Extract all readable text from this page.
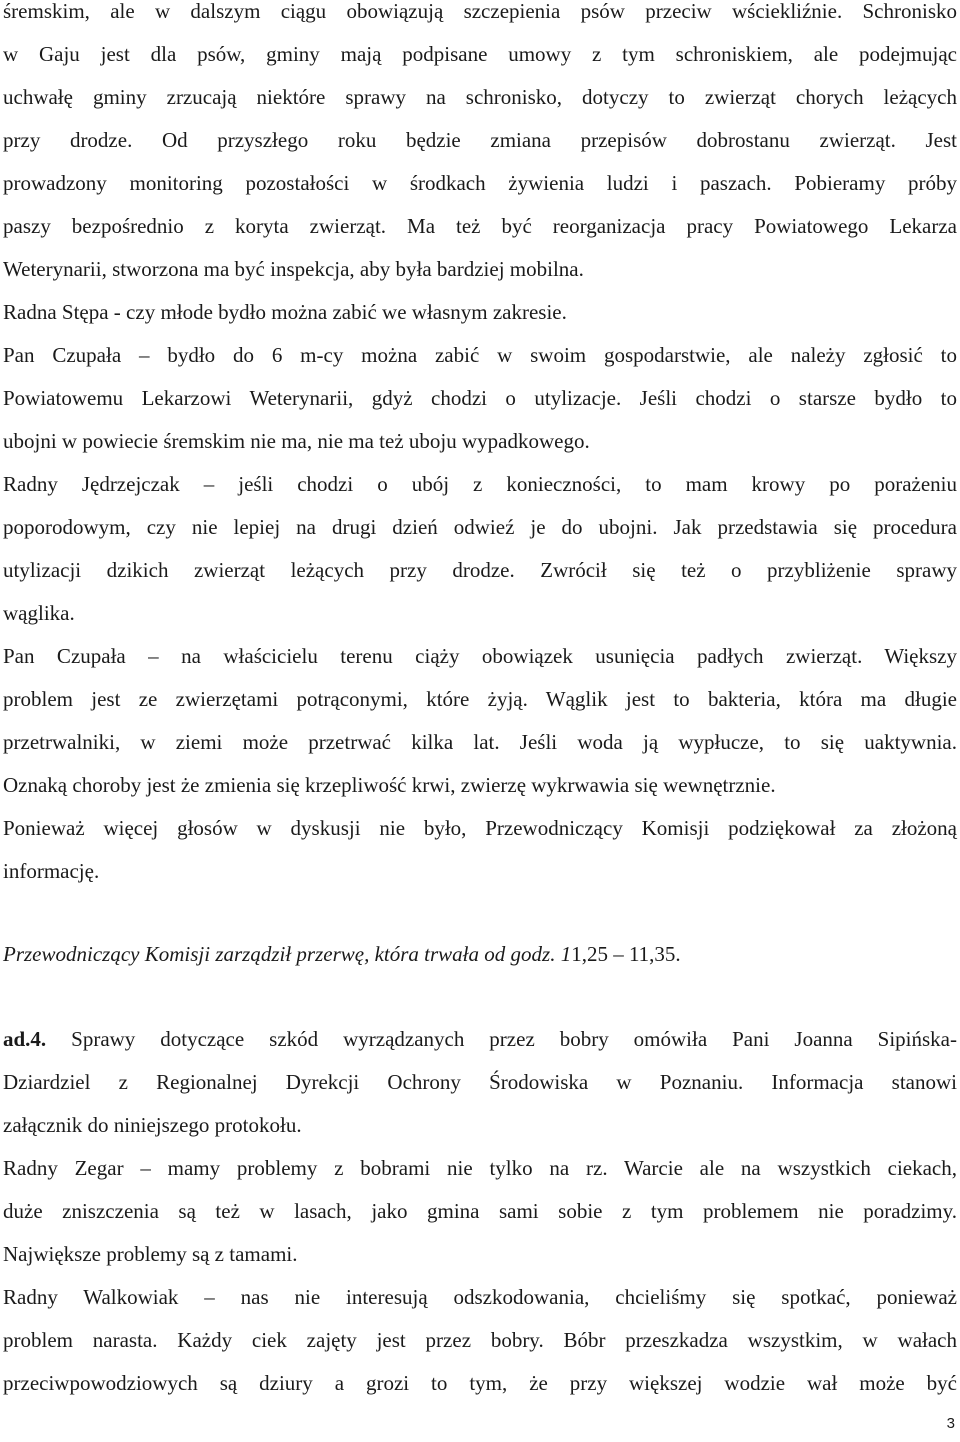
śremskim, ale w dalszym ciągu obowiązują szczepienia psów przeciw wściekliźnie. Schronisko
w Gaju jest dla psów, gminy mają podpisane umowy z tym schroniskiem, ale podejmując
uchwałę gminy zrzucają niektóre sprawy na schronisko, dotyczy to zwierząt chorych leżących
przy drodze. Od przyszłego roku będzie zmiana przepisów dobrostanu zwierząt. Jest
prowadzony monitoring pozostałości w środkach żywienia ludzi i paszach. Pobieramy próby
paszy bezpośrednio z koryta zwierząt. Ma też być reorganizacja pracy Powiatowego Lekarza
Weterynarii, stworzona ma być inspekcja, aby była bardziej mobilna.
Radna Stępa - czy młode bydło można zabić we własnym zakresie.
Pan Czupała – bydło do 6 m-cy można zabić w swoim gospodarstwie, ale należy zgłosić to
Powiatowemu Lekarzowi Weterynarii, gdyż chodzi o utylizacje. Jeśli chodzi o starsze bydło to
ubojni w powiecie śremskim nie ma, nie ma też uboju wypadkowego.
Radny Jędrzejczak – jeśli chodzi o ubój z konieczności, to mam krowy po porażeniu
poporodowym, czy nie lepiej na drugi dzień odwieź je do ubojni. Jak przedstawia się procedura
utylizacji dzikich zwierząt leżących przy drodze. Zwrócił się też o przybliżenie sprawy
wąglika.
Pan Czupała – na właścicielu terenu ciąży obowiązek usunięcia padłych zwierząt. Większy
problem jest ze zwierzętami potrąconymi, które żyją. Wąglik jest to bakteria, która ma długie
przetrwalniki, w ziemi może przetrwać kilka lat. Jeśli woda ją wypłucze, to się uaktywnia.
Oznaką choroby jest że zmienia się krzepliwość krwi, zwierzę wykrwawia się wewnętrznie.
Ponieważ więcej głosów w dyskusji nie było, Przewodniczący Komisji podziękował za złożoną
informację.
Przewodniczący Komisji zarządził przerwę, która trwała od godz. 11,25 – 11,35.
ad.4. Sprawy dotyczące szkód wyrządzanych przez bobry omówiła Pani Joanna Sipińska-
Dziardziel z Regionalnej Dyrekcji Ochrony Środowiska w Poznaniu. Informacja stanowi
załącznik do niniejszego protokołu.
Radny Zegar – mamy problemy z bobrami nie tylko na rz. Warcie ale na wszystkich ciekach,
duże zniszczenia są też w lasach, jako gmina sami sobie z tym problemem nie poradzimy.
Największe problemy są z tamami.
Radny Walkowiak – nas nie interesują odszkodowania, chcieliśmy się spotkać, ponieważ
problem narasta. Każdy ciek zajęty jest przez bobry. Bóbr przeszkadza wszystkim, w wałach
przeciwpowodziowych są dziury a grozi to tym, że przy większej wodzie wał może być
3
